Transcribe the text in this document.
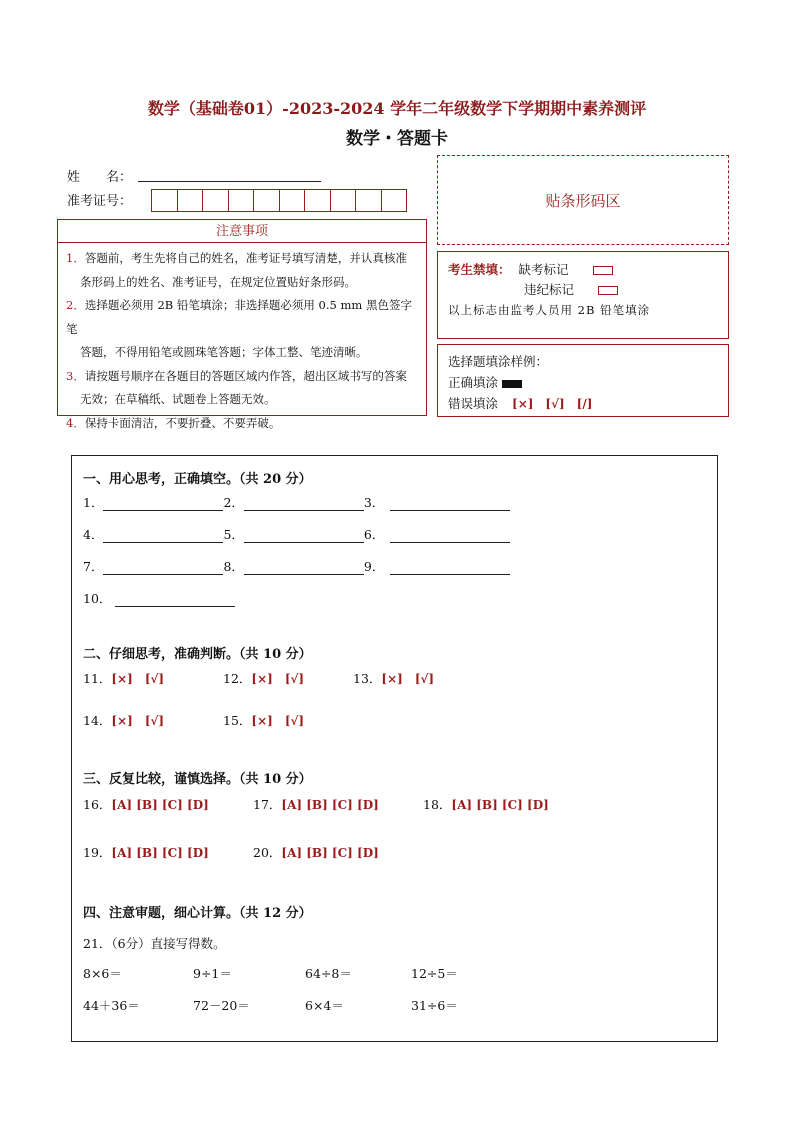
数学（基础卷01）-2023-2024 学年二年级数学下学期期中素养测评
数学・答题卡
姓　　名：
准考证号：	贴条形码区
注意事项

1．答题前，考生先将自己的姓名，准考证号填写清楚，并认真核准

条形码上的姓名、准考证号，在规定位置贴好条形码。

2．选择题必须用 2B 铅笔填涂；非选择题必须用 0.5 mm 黑色签字笔

答题，不得用铅笔或圆珠笔答题；字体工整、笔迹清晰。

3．请按题号顺序在各题目的答题区域内作答，超出区域书写的答案

无效；在草稿纸、试题卷上答题无效。

4．保持卡面清洁，不要折叠、不要弄破。

考生禁填： 缺考标记
违纪标记
以上标志由监考人员用 2B 铅笔填涂
选择题填涂样例：
正确填涂
错误填涂 [×]　[√]　[/]
一、用心思考，正确填空。（共 20 分）
1．	2．	3．
4．	5．	6．
7．	8．	9．
10．
二、仔细思考，准确判断。（共 10 分）
11．[×]　[√]	12．[×]　[√]	13．[×]　[√]
14．[×]　[√]	15．[×]　[√]
三、反复比较，谨慎选择。（共 10 分）
16．[A] [B] [C] [D]	17．[A] [B] [C] [D]	18．[A] [B] [C] [D]
19．[A] [B] [C] [D]	20．[A] [B] [C] [D]
四、注意审题，细心计算。（共 12 分）
21．（6分）直接写得数。
8×6＝	9÷1＝	64÷8＝	12÷5＝
44＋36＝	72－20＝	6×4＝	31÷6＝
